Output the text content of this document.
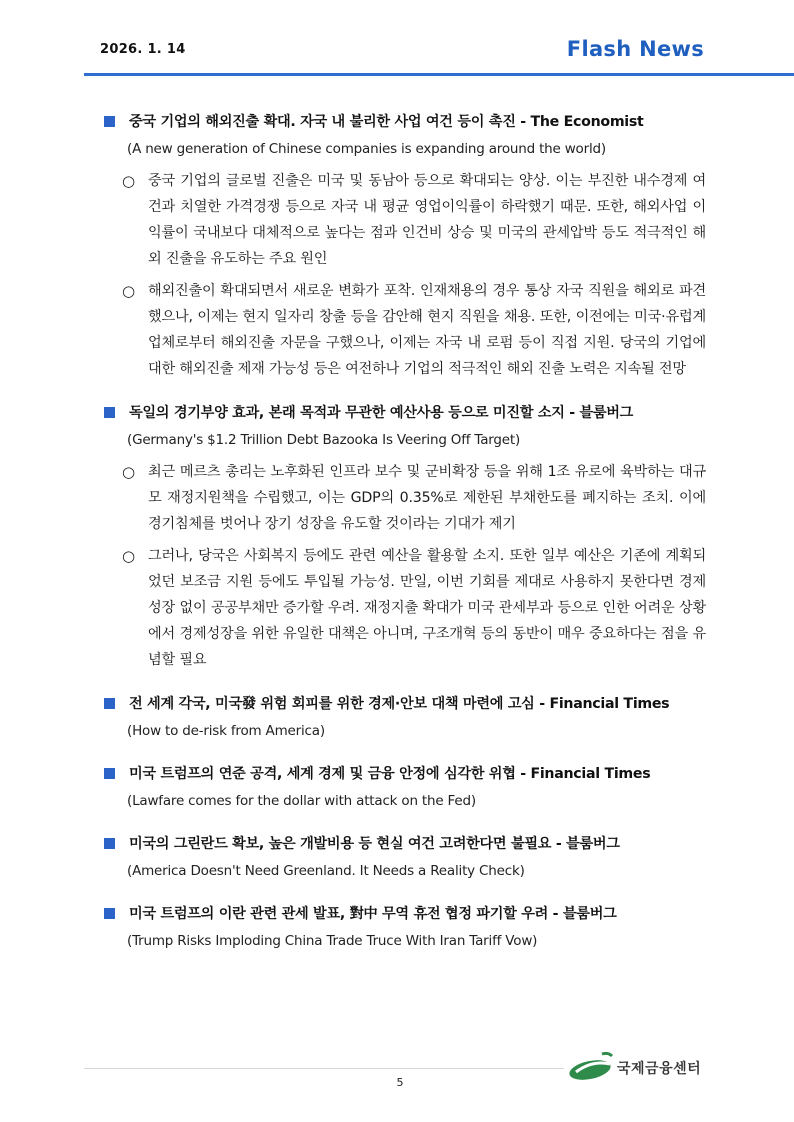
2026. 1. 14	Flash News
중국 기업의 해외진출 확대. 자국 내 불리한 사업 여건 등이 촉진 - The Economist
(A new generation of Chinese companies is expanding around the world)
○ 중국 기업의 글로벌 진출은 미국 및 동남아 등으로 확대되는 양상. 이는 부진한 내수경제 여건과 치열한 가격경쟁 등으로 자국 내 평균 영업이익률이 하락했기 때문. 또한, 해외사업 이익률이 국내보다 대체적으로 높다는 점과 인건비 상승 및 미국의 관세압박 등도 적극적인 해외 진출을 유도하는 주요 원인
○ 해외진출이 확대되면서 새로운 변화가 포착. 인재채용의 경우 통상 자국 직원을 해외로 파견했으나, 이제는 현지 일자리 창출 등을 감안해 현지 직원을 채용. 또한, 이전에는 미국·유럽계 업체로부터 해외진출 자문을 구했으나, 이제는 자국 내 로펌 등이 직접 지원. 당국의 기업에 대한 해외진출 제재 가능성 등은 여전하나 기업의 적극적인 해외 진출 노력은 지속될 전망
독일의 경기부양 효과, 본래 목적과 무관한 예산사용 등으로 미진할 소지 - 블룸버그
(Germany's $1.2 Trillion Debt Bazooka Is Veering Off Target)
○ 최근 메르츠 총리는 노후화된 인프라 보수 및 군비확장 등을 위해 1조 유로에 육박하는 대규모 재정지원책을 수립했고, 이는 GDP의 0.35%로 제한된 부채한도를 폐지하는 조치. 이에 경기침체를 벗어나 장기 성장을 유도할 것이라는 기대가 제기
○ 그러나, 당국은 사회복지 등에도 관련 예산을 활용할 소지. 또한 일부 예산은 기존에 계획되었던 보조금 지원 등에도 투입될 가능성. 만일, 이번 기회를 제대로 사용하지 못한다면 경제성장 없이 공공부채만 증가할 우려. 재정지출 확대가 미국 관세부과 등으로 인한 어려운 상황에서 경제성장을 위한 유일한 대책은 아니며, 구조개혁 등의 동반이 매우 중요하다는 점을 유념할 필요
전 세계 각국, 미국發 위험 회피를 위한 경제·안보 대책 마련에 고심 - Financial Times
(How to de-risk from America)
미국 트럼프의 연준 공격, 세계 경제 및 금융 안정에 심각한 위협 - Financial Times
(Lawfare comes for the dollar with attack on the Fed)
미국의 그린란드 확보, 높은 개발비용 등 현실 여건 고려한다면 불필요 - 블룸버그
(America Doesn't Need Greenland. It Needs a Reality Check)
미국 트럼프의 이란 관련 관세 발표, 對中 무역 휴전 협정 파기할 우려 - 블룸버그
(Trump Risks Imploding China Trade Truce With Iran Tariff Vow)
국제금융센터
5
